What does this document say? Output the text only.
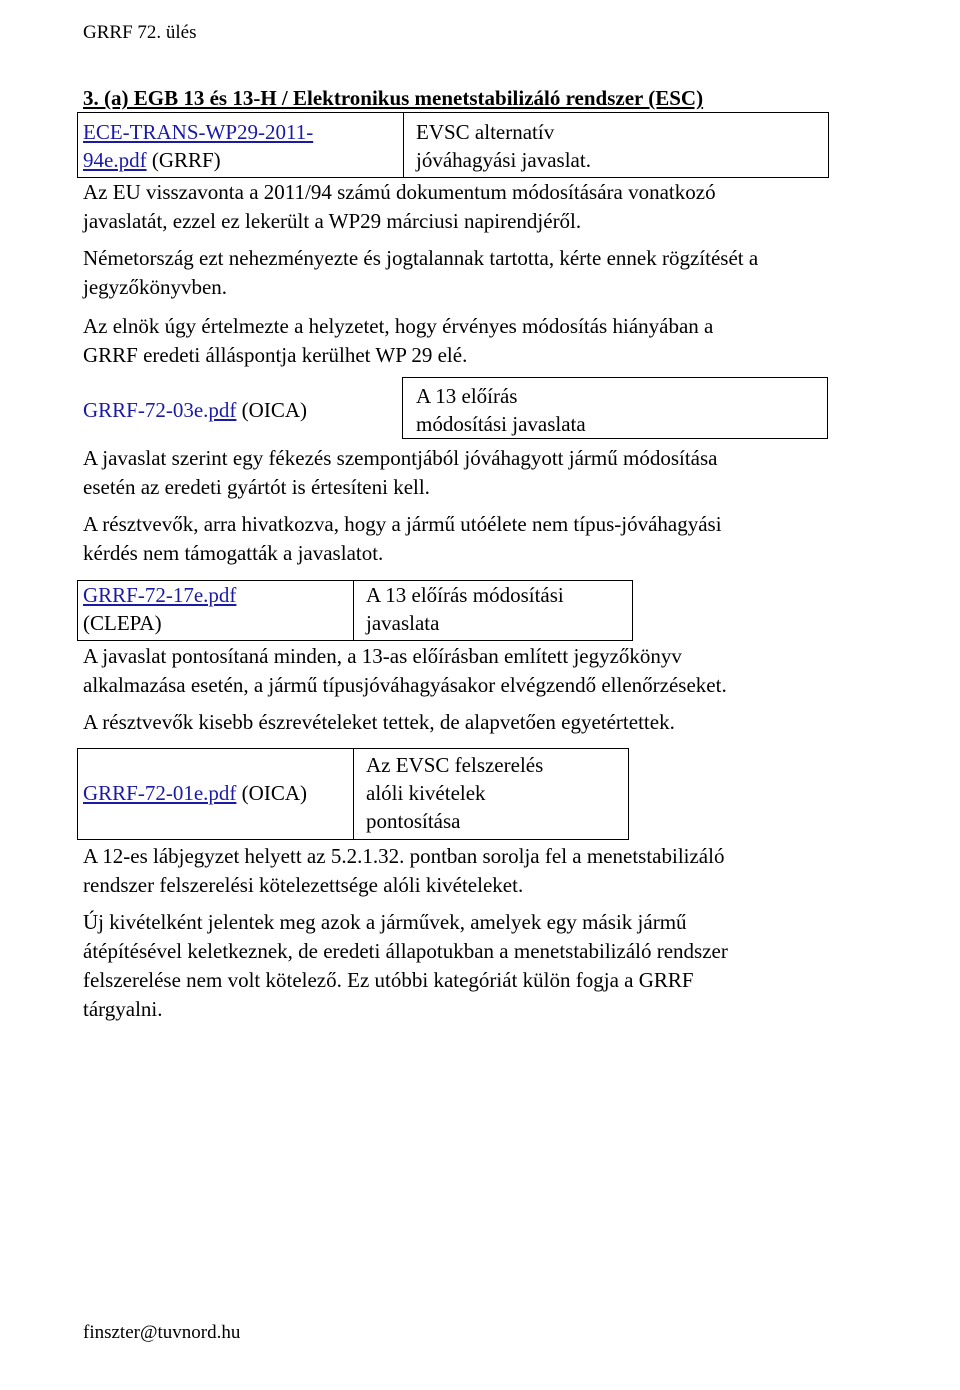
GRRF 72. ülés
3. (a) EGB 13 és 13-H / Elektronikus menetstabilizáló rendszer (ESC)
ECE-TRANS-WP29-2011-
94e.pdf (GRRF)
EVSC alternatív
jóváhagyási javaslat.
Az EU visszavonta a 2011/94 számú dokumentum módosítására vonatkozó
javaslatát, ezzel ez lekerült a WP29 márciusi napirendjéről.
Németország ezt nehezményezte és jogtalannak tartotta, kérte ennek rögzítését a
jegyzőkönyvben.
Az elnök úgy értelmezte a helyzetet, hogy érvényes módosítás hiányában a
GRRF eredeti álláspontja kerülhet WP 29 elé.
GRRF-72-03e.pdf (OICA)
A 13 előírás
módosítási javaslata
A javaslat szerint egy fékezés szempontjából jóváhagyott jármű módosítása
esetén az eredeti gyártót is értesíteni kell.
A résztvevők, arra hivatkozva, hogy a jármű utóélete nem típus-jóváhagyási
kérdés nem támogatták a javaslatot.
GRRF-72-17e.pdf
(CLEPA)
A 13 előírás módosítási
javaslata
A javaslat pontosítaná minden, a 13-as előírásban említett jegyzőkönyv
alkalmazása esetén, a jármű típusjóváhagyásakor elvégzendő ellenőrzéseket.
A résztvevők kisebb észrevételeket tettek, de alapvetően egyetértettek.
GRRF-72-01e.pdf (OICA)
Az EVSC felszerelés
alóli kivételek
pontosítása
A 12-es lábjegyzet helyett az 5.2.1.32. pontban sorolja fel a menetstabilizáló
rendszer felszerelési kötelezettsége alóli kivételeket.
Új kivételként jelentek meg azok a járművek, amelyek egy másik jármű
átépítésével keletkeznek, de eredeti állapotukban a menetstabilizáló rendszer
felszerelése nem volt kötelező. Ez utóbbi kategóriát külön fogja a GRRF
tárgyalni.
finszter@tuvnord.hu
